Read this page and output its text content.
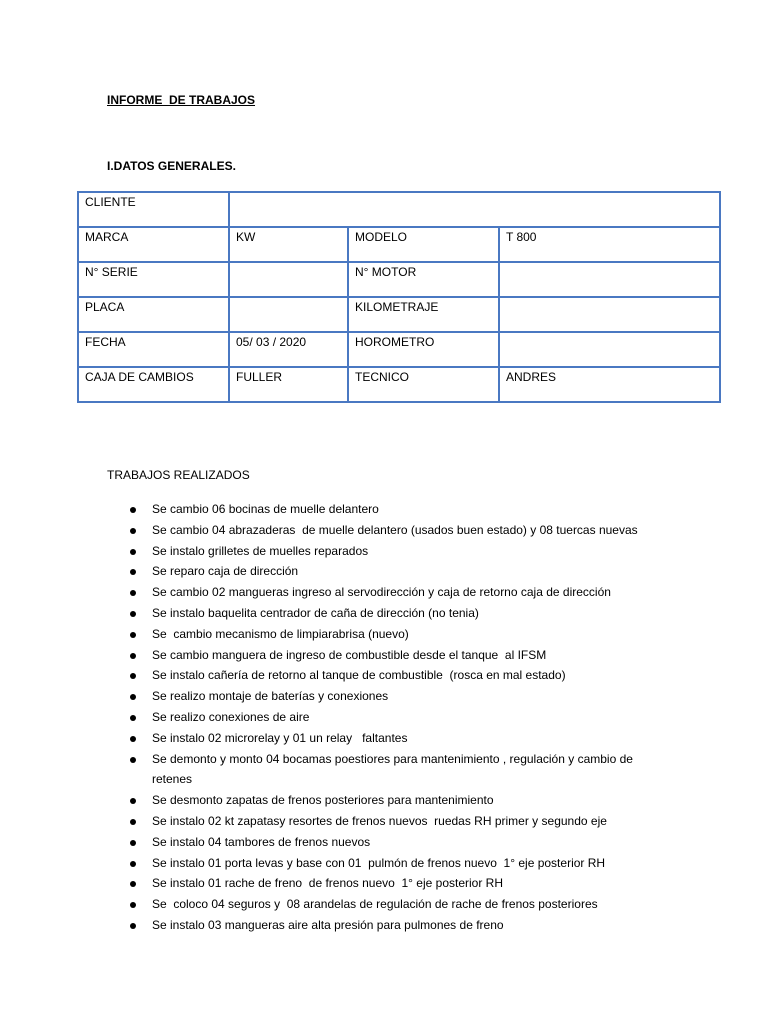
INFORME  DE TRABAJOS
I.DATOS GENERALES.
CLIENTE			
MARCA	KW	MODELO	T 800
N° SERIE		N° MOTOR	
PLACA		KILOMETRAJE	
FECHA	05/ 03 / 2020	HOROMETRO	
CAJA DE CAMBIOS	FULLER	TECNICO	ANDRES
TRABAJOS REALIZADOS
Se cambio 06 bocinas de muelle delantero
Se cambio 04 abrazaderas  de muelle delantero (usados buen estado) y 08 tuercas nuevas
Se instalo grilletes de muelles reparados
Se reparo caja de dirección
Se cambio 02 mangueras ingreso al servodirección y caja de retorno caja de dirección
Se instalo baquelita centrador de caña de dirección (no tenia)
Se  cambio mecanismo de limpiarabrisa (nuevo)
Se cambio manguera de ingreso de combustible desde el tanque  al IFSM
Se instalo cañería de retorno al tanque de combustible  (rosca en mal estado)
Se realizo montaje de baterías y conexiones
Se realizo conexiones de aire
Se instalo 02 microrelay y 01 un relay   faltantes
Se demonto y monto 04 bocamas poestiores para mantenimiento , regulación y cambio de retenes
Se desmonto zapatas de frenos posteriores para mantenimiento
Se instalo 02 kt zapatasy resortes de frenos nuevos  ruedas RH primer y segundo eje
Se instalo 04 tambores de frenos nuevos
Se instalo 01 porta levas y base con 01  pulmón de frenos nuevo  1° eje posterior RH
Se instalo 01 rache de freno  de frenos nuevo  1° eje posterior RH
Se  coloco 04 seguros y  08 arandelas de regulación de rache de frenos posteriores
Se instalo 03 mangueras aire alta presión para pulmones de freno
